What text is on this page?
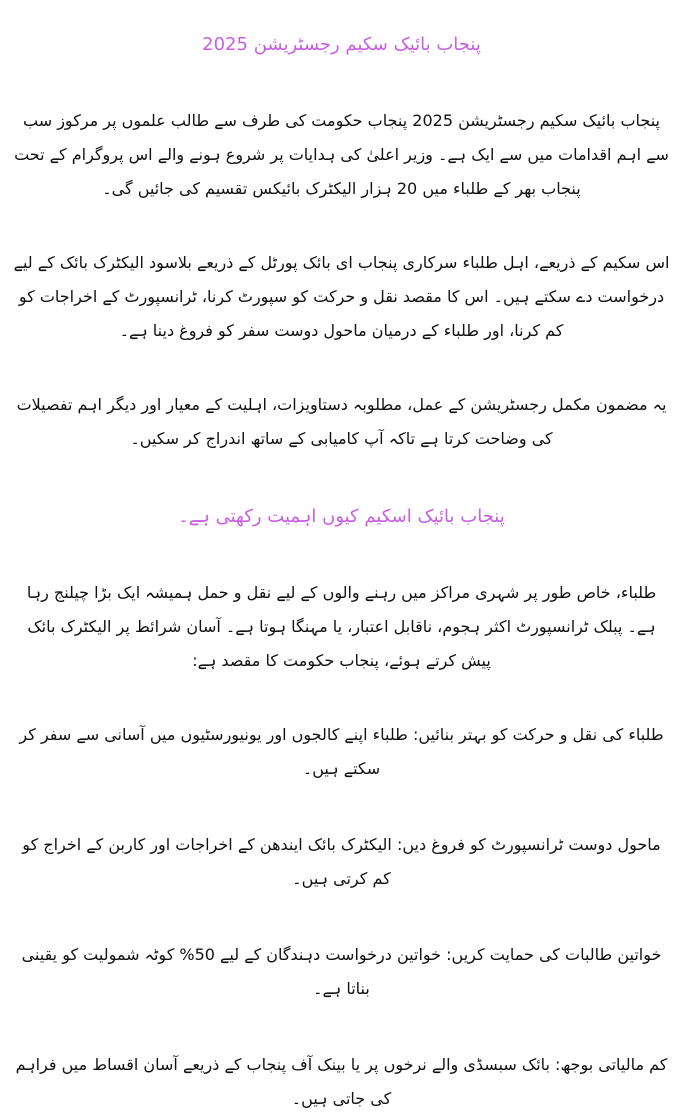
پنجاب بائیک سکیم رجسٹریشن 2025

پنجاب بائیک سکیم رجسٹریشن 2025 پنجاب حکومت کی طرف سے طالب علموں پر مرکوز سب سے اہم اقدامات میں سے ایک ہے۔ وزیر اعلیٰ کی ہدایات پر شروع ہونے والے اس پروگرام کے تحت پنجاب بھر کے طلباء میں 20 ہزار الیکٹرک بائیکس تقسیم کی جائیں گی۔

اس سکیم کے ذریعے، اہل طلباء سرکاری پنجاب ای بائک پورٹل کے ذریعے بلاسود الیکٹرک بائک کے لیے درخواست دے سکتے ہیں۔ اس کا مقصد نقل و حرکت کو سپورٹ کرنا، ٹرانسپورٹ کے اخراجات کو کم کرنا، اور طلباء کے درمیان ماحول دوست سفر کو فروغ دینا ہے۔

یہ مضمون مکمل رجسٹریشن کے عمل، مطلوبہ دستاویزات، اہلیت کے معیار اور دیگر اہم تفصیلات کی وضاحت کرتا ہے تاکہ آپ کامیابی کے ساتھ اندراج کر سکیں۔

پنجاب بائیک اسکیم کیوں اہمیت رکھتی ہے۔

طلباء، خاص طور پر شہری مراکز میں رہنے والوں کے لیے نقل و حمل ہمیشہ ایک بڑا چیلنج رہا ہے۔ پبلک ٹرانسپورٹ اکثر ہجوم، ناقابل اعتبار، یا مہنگا ہوتا ہے۔ آسان شرائط پر الیکٹرک بائک پیش کرتے ہوئے، پنجاب حکومت کا مقصد ہے:

طلباء کی نقل و حرکت کو بہتر بنائیں: طلباء اپنے کالجوں اور یونیورسٹیوں میں آسانی سے سفر کر سکتے ہیں۔

ماحول دوست ٹرانسپورٹ کو فروغ دیں: الیکٹرک بائک ایندھن کے اخراجات اور کاربن کے اخراج کو کم کرتی ہیں۔

خواتین طالبات کی حمایت کریں: خواتین درخواست دہندگان کے لیے 50% کوٹہ شمولیت کو یقینی بناتا ہے۔

کم مالیاتی بوجھ: بائک سبسڈی والے نرخوں پر یا بینک آف پنجاب کے ذریعے آسان اقساط میں فراہم کی جاتی ہیں۔
